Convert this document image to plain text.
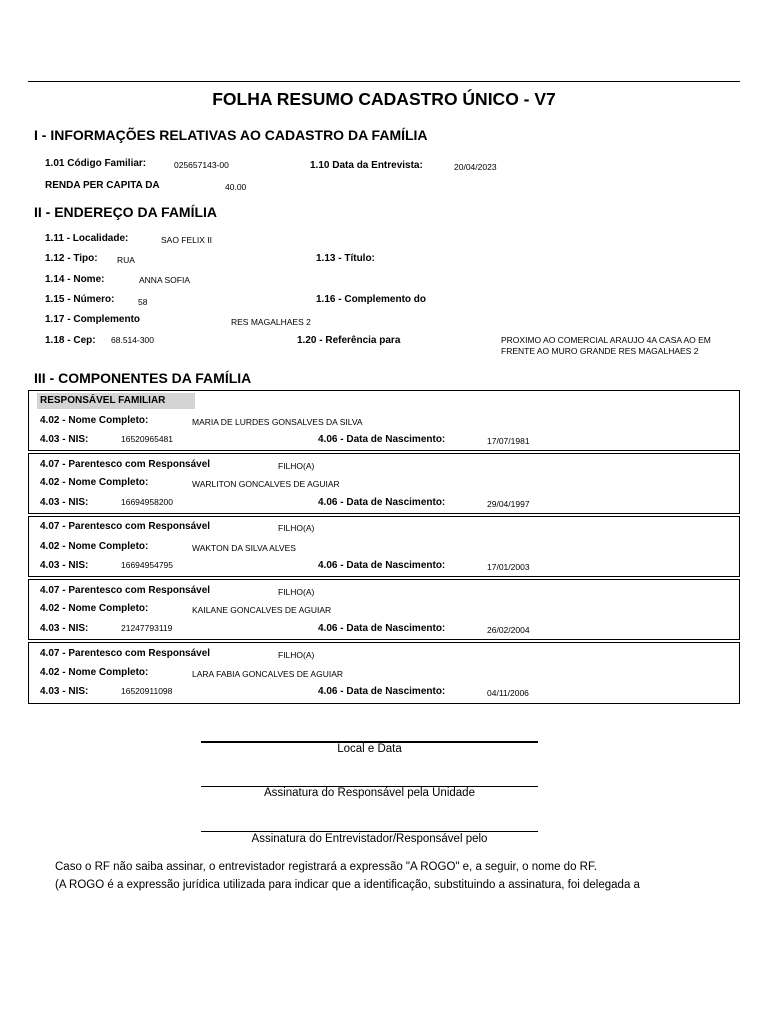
FOLHA RESUMO CADASTRO ÚNICO - V7
I - INFORMAÇÕES RELATIVAS AO CADASTRO DA FAMÍLIA
1.01 Código Familiar:	025657143-00	1.10 Data da Entrevista:	20/04/2023
RENDA PER CAPITA DA	40.00
II - ENDEREÇO DA FAMÍLIA
1.11 - Localidade:	SAO FELIX II
1.12 - Tipo: RUA	1.13 - Título:
1.14 - Nome:	ANNA SOFIA
1.15 - Número:	58	1.16 - Complemento do
1.17 - Complemento	RES MAGALHAES 2
1.18 - Cep: 68.514-300	1.20 - Referência para	PROXIMO AO COMERCIAL ARAUJO 4A CASA AO EM
FRENTE AO MURO GRANDE RES MAGALHAES 2
III - COMPONENTES DA FAMÍLIA
RESPONSÁVEL FAMILIAR
4.02 - Nome Completo:	MARIA DE LURDES GONSALVES DA SILVA
4.03 - NIS:	16520965481	4.06 - Data de Nascimento:	17/07/1981
4.07 - Parentesco com Responsável	FILHO(A)
4.02 - Nome Completo:	WARLITON GONCALVES DE AGUIAR
4.03 - NIS:	16694958200	4.06 - Data de Nascimento:	29/04/1997
4.07 - Parentesco com Responsável	FILHO(A)
4.02 - Nome Completo:	WAKTON DA SILVA ALVES
4.03 - NIS:	16694954795	4.06 - Data de Nascimento:	17/01/2003
4.07 - Parentesco com Responsável	FILHO(A)
4.02 - Nome Completo:	KAILANE GONCALVES DE AGUIAR
4.03 - NIS:	21247793119	4.06 - Data de Nascimento:	26/02/2004
4.07 - Parentesco com Responsável	FILHO(A)
4.02 - Nome Completo:	LARA FABIA GONCALVES DE AGUIAR
4.03 - NIS:	16520911098	4.06 - Data de Nascimento:	04/11/2006
Local e Data
Assinatura do Responsável pela Unidade
Assinatura do Entrevistador/Responsável pelo
Caso o RF não saiba assinar, o entrevistador registrará a expressão "A ROGO" e, a seguir, o nome do RF.
(A ROGO é a expressão jurídica utilizada para indicar que a identificação, substituindo a assinatura, foi delegada a
